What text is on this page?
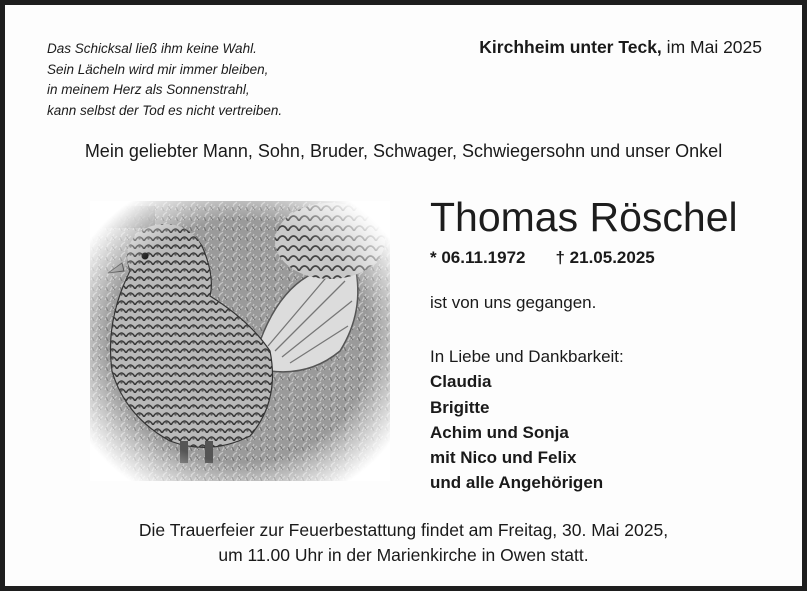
Das Schicksal ließ ihm keine Wahl.
Sein Lächeln wird mir immer bleiben,
in meinem Herz als Sonnenstrahl,
kann selbst der Tod es nicht vertreiben.
Kirchheim unter Teck, im Mai 2025
Mein geliebter Mann, Sohn, Bruder, Schwager, Schwiegersohn und unser Onkel
Thomas Röschel
* 06.11.1972 † 21.05.2025
ist von uns gegangen.
In Liebe und Dankbarkeit:
Claudia
Brigitte
Achim und Sonja
mit Nico und Felix
und alle Angehörigen
Die Trauerfeier zur Feuerbestattung findet am Freitag, 30. Mai 2025,
um 11.00 Uhr in der Marienkirche in Owen statt.
